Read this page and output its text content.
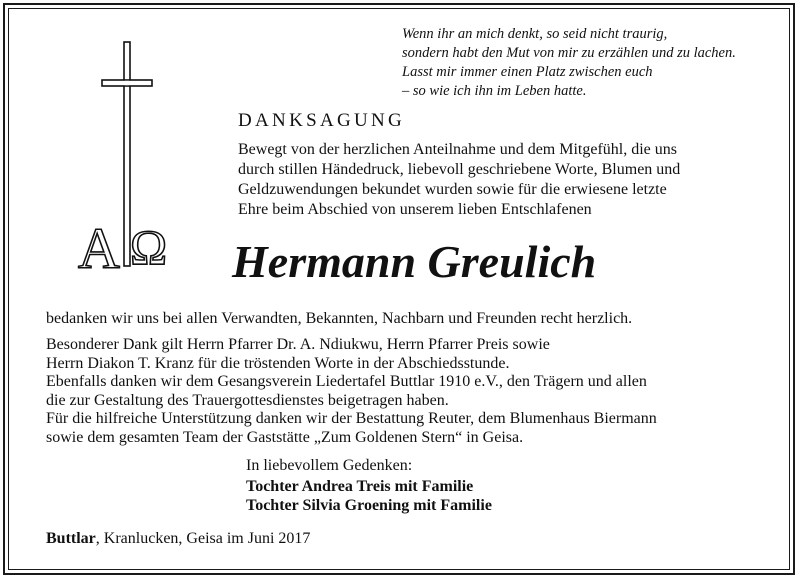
Wenn ihr an mich denkt, so seid nicht traurig,
sondern habt den Mut von mir zu erzählen und zu lachen.
Lasst mir immer einen Platz zwischen euch
– so wie ich ihn im Leben hatte.
A Ω
DANKSAGUNG
Bewegt von der herzlichen Anteilnahme und dem Mitgefühl, die uns
durch stillen Händedruck, liebevoll geschriebene Worte, Blumen und
Geldzuwendungen bekundet wurden sowie für die erwiesene letzte
Ehre beim Abschied von unserem lieben Entschlafenen
Hermann Greulich
bedanken wir uns bei allen Verwandten, Bekannten, Nachbarn und Freunden recht herzlich.
Besonderer Dank gilt Herrn Pfarrer Dr. A. Ndiukwu, Herrn Pfarrer Preis sowie
Herrn Diakon T. Kranz für die tröstenden Worte in der Abschiedsstunde.
Ebenfalls danken wir dem Gesangsverein Liedertafel Buttlar 1910 e.V., den Trägern und allen
die zur Gestaltung des Trauergottesdienstes beigetragen haben.
Für die hilfreiche Unterstützung danken wir der Bestattung Reuter, dem Blumenhaus Biermann
sowie dem gesamten Team der Gaststätte „Zum Goldenen Stern“ in Geisa.
In liebevollem Gedenken:
Tochter Andrea Treis mit Familie
Tochter Silvia Groening mit Familie
Buttlar, Kranlucken, Geisa im Juni 2017
